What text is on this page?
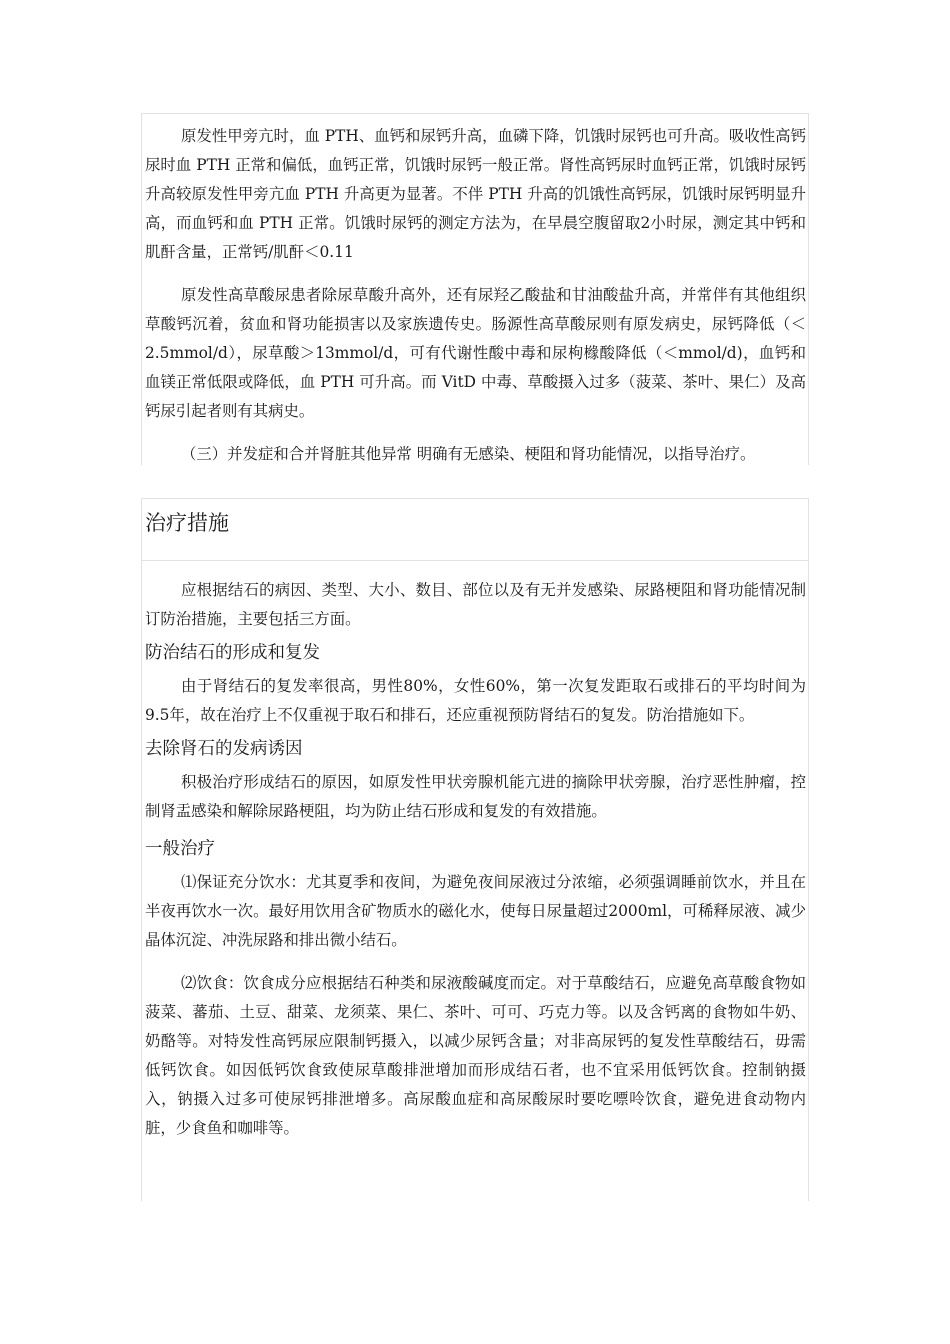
原发性甲旁亢时，血 PTH、血钙和尿钙升高，血磷下降，饥饿时尿钙也可升高。吸收性高钙尿时血 PTH 正常和偏低，血钙正常，饥饿时尿钙一般正常。肾性高钙尿时血钙正常，饥饿时尿钙升高较原发性甲旁亢血 PTH 升高更为显著。不伴 PTH 升高的饥饿性高钙尿，饥饿时尿钙明显升高，而血钙和血 PTH 正常。饥饿时尿钙的测定方法为，在早晨空腹留取2小时尿，测定其中钙和肌酐含量，正常钙/肌酐＜0.11

原发性高草酸尿患者除尿草酸升高外，还有尿羟乙酸盐和甘油酸盐升高，并常伴有其他组织草酸钙沉着，贫血和肾功能损害以及家族遗传史。肠源性高草酸尿则有原发病史，尿钙降低（＜2.5mmol/d），尿草酸＞13mmol/d，可有代谢性酸中毒和尿枸橼酸降低（＜mmol/d)，血钙和血镁正常低限或降低，血 PTH 可升高。而 VitD 中毒、草酸摄入过多（菠菜、茶叶、果仁）及高钙尿引起者则有其病史。

（三）并发症和合并肾脏其他异常 明确有无感染、梗阻和肾功能情况，以指导治疗。

治疗措施

应根据结石的病因、类型、大小、数目、部位以及有无并发感染、尿路梗阻和肾功能情况制订防治措施，主要包括三方面。

防治结石的形成和复发

由于肾结石的复发率很高，男性80%，女性60%，第一次复发距取石或排石的平均时间为9.5年，故在治疗上不仅重视于取石和排石，还应重视预防肾结石的复发。防治措施如下。

去除肾石的发病诱因

积极治疗形成结石的原因，如原发性甲状旁腺机能亢进的摘除甲状旁腺，治疗恶性肿瘤，控制肾盂感染和解除尿路梗阻，均为防止结石形成和复发的有效措施。

一般治疗

⑴保证充分饮水：尤其夏季和夜间，为避免夜间尿液过分浓缩，必须强调睡前饮水，并且在半夜再饮水一次。最好用饮用含矿物质水的磁化水，使每日尿量超过2000ml，可稀释尿液、减少晶体沉淀、冲洗尿路和排出微小结石。

⑵饮食：饮食成分应根据结石种类和尿液酸碱度而定。对于草酸结石，应避免高草酸食物如菠菜、蕃茄、土豆、甜菜、龙须菜、果仁、茶叶、可可、巧克力等。以及含钙离的食物如牛奶、奶酪等。对特发性高钙尿应限制钙摄入，以减少尿钙含量；对非高尿钙的复发性草酸结石，毋需低钙饮食。如因低钙饮食致使尿草酸排泄增加而形成结石者，也不宜采用低钙饮食。控制钠摄入，钠摄入过多可使尿钙排泄增多。高尿酸血症和高尿酸尿时要吃嘌呤饮食，避免进食动物内脏，少食鱼和咖啡等。
